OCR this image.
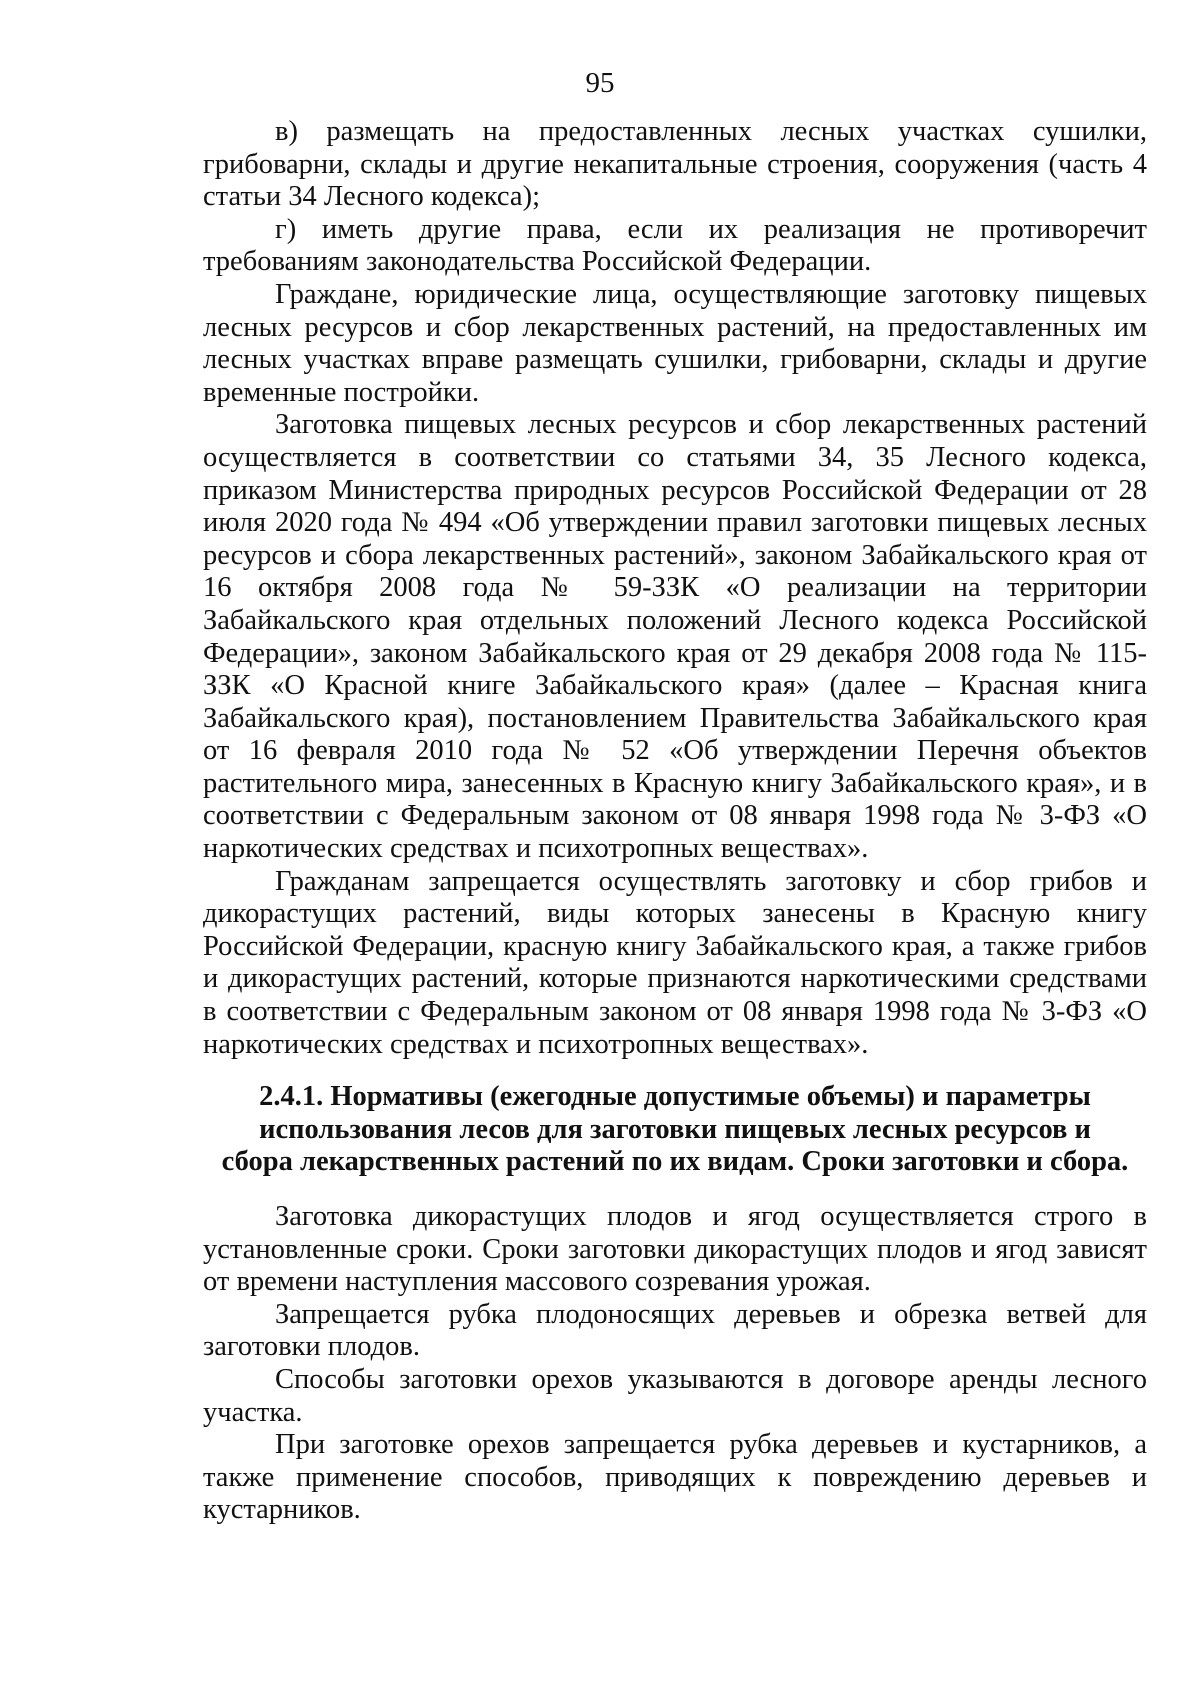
95

в) размещать на предоставленных лесных участках сушилки, грибоварни, склады и другие некапитальные строения, сооружения (часть 4 статьи 34 Лесного кодекса);

г) иметь другие права, если их реализация не противоречит требованиям законодательства Российской Федерации.

Граждане, юридические лица, осуществляющие заготовку пищевых лесных ресурсов и сбор лекарственных растений, на предоставленных им лесных участках вправе размещать сушилки, грибоварни, склады и другие временные постройки.

Заготовка пищевых лесных ресурсов и сбор лекарственных растений осуществляется в соответствии со статьями 34, 35 Лесного кодекса, приказом Министерства природных ресурсов Российской Федерации от 28 июля 2020 года № 494 «Об утверждении правил заготовки пищевых лесных ресурсов и сбора лекарственных растений», законом Забайкальского края от 16 октября 2008 года № 59-ЗЗК «О реализации на территории Забайкальского края отдельных положений Лесного кодекса Российской Федерации», законом Забайкальского края от 29 декабря 2008 года № 115-ЗЗК «О Красной книге Забайкальского края» (далее – Красная книга Забайкальского края), постановлением Правительства Забайкальского края от 16 февраля 2010 года № 52 «Об утверждении Перечня объектов растительного мира, занесенных в Красную книгу Забайкальского края», и в соответствии с Федеральным законом от 08 января 1998 года № 3-ФЗ «О наркотических средствах и психотропных веществах».

Гражданам запрещается осуществлять заготовку и сбор грибов и дикорастущих растений, виды которых занесены в Красную книгу Российской Федерации, красную книгу Забайкальского края, а также грибов и дикорастущих растений, которые признаются наркотическими средствами в соответствии с Федеральным законом от 08 января 1998 года № 3-ФЗ «О наркотических средствах и психотропных веществах».

2.4.1. Нормативы (ежегодные допустимые объемы) и параметры использования лесов для заготовки пищевых лесных ресурсов и сбора лекарственных растений по их видам. Сроки заготовки и сбора.

Заготовка дикорастущих плодов и ягод осуществляется строго в установленные сроки. Сроки заготовки дикорастущих плодов и ягод зависят от времени наступления массового созревания урожая.

Запрещается рубка плодоносящих деревьев и обрезка ветвей для заготовки плодов.

Способы заготовки орехов указываются в договоре аренды лесного участка.

При заготовке орехов запрещается рубка деревьев и кустарников, а также применение способов, приводящих к повреждению деревьев и кустарников.
